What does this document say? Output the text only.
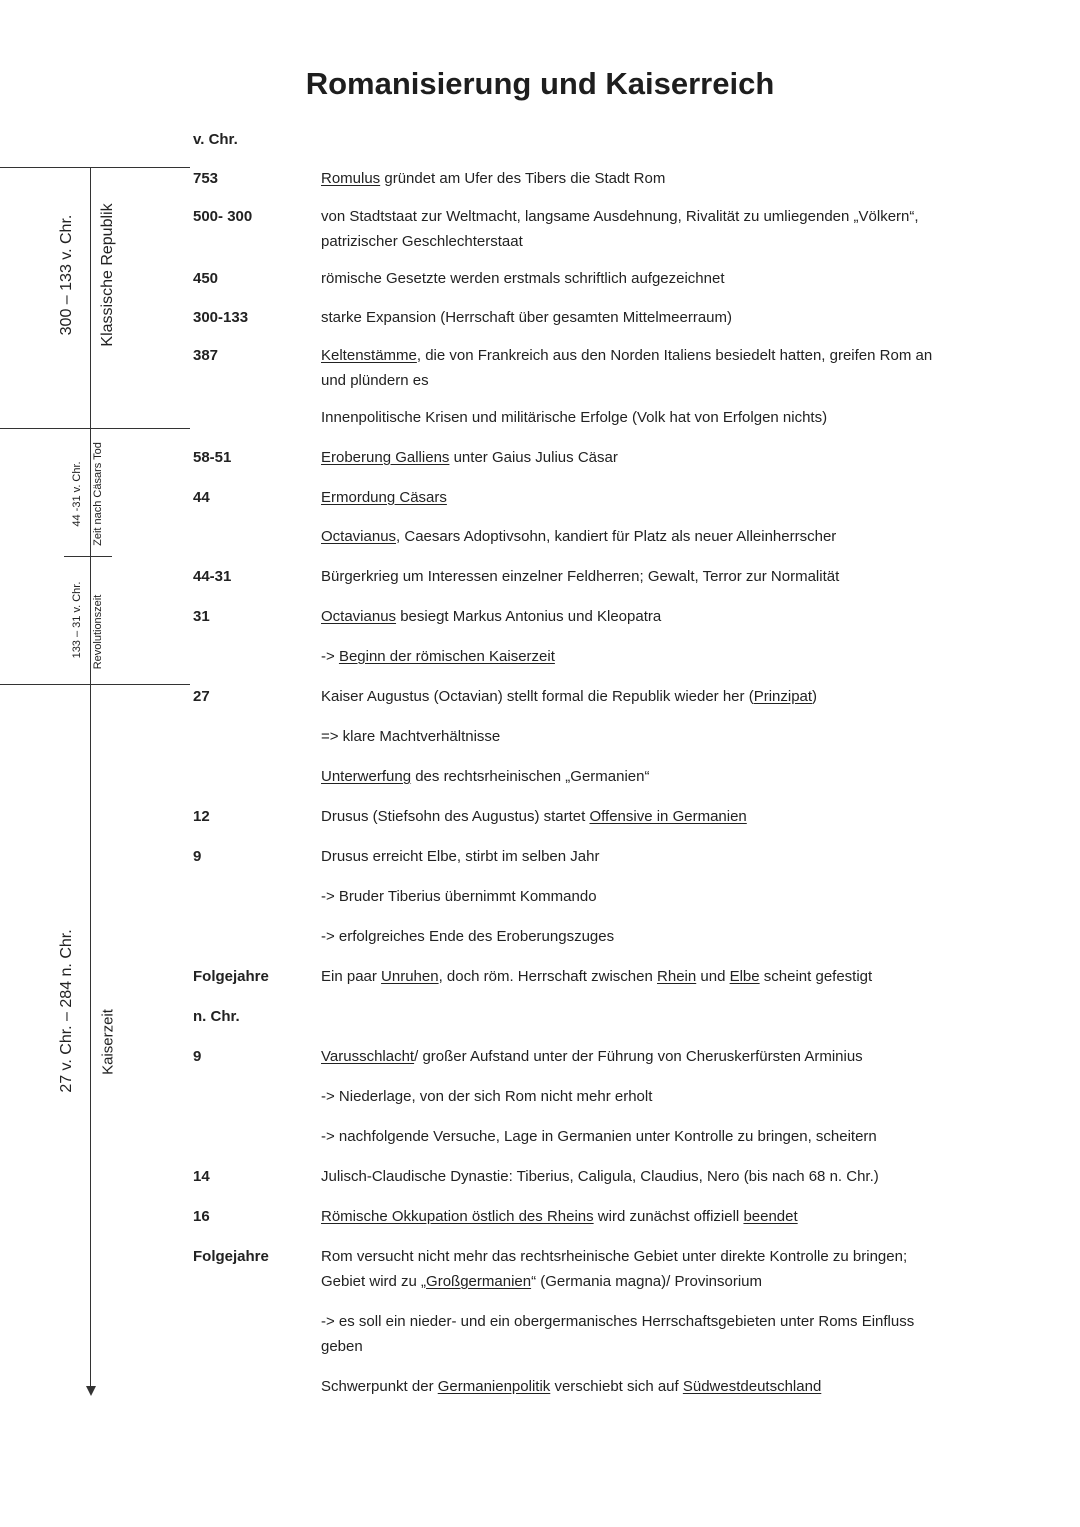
Romanisierung und Kaiserreich
v. Chr.
n. Chr.
300 – 133 v. Chr. Klassische Republik
44 -31 v. Chr. Zeit nach Cäsars Tod
133 – 31 v. Chr. Revolutionszeit
27 v. Chr. – 284 n. Chr. Kaiserzeit
753	Romulus gründet am Ufer des Tibers die Stadt Rom
500- 300	von Stadtstaat zur Weltmacht, langsame Ausdehnung, Rivalität zu umliegenden „Völkern“, patrizischer Geschlechterstaat
450	römische Gesetzte werden erstmals schriftlich aufgezeichnet
300-133	starke Expansion (Herrschaft über gesamten Mittelmeerraum)
387	Keltenstämme, die von Frankreich aus den Norden Italiens besiedelt hatten, greifen Rom an und plündern es
Innenpolitische Krisen und militärische Erfolge (Volk hat von Erfolgen nichts)
58-51	Eroberung Galliens unter Gaius Julius Cäsar
44	Ermordung Cäsars
Octavianus, Caesars Adoptivsohn, kandiert für Platz als neuer Alleinherrscher
44-31	Bürgerkrieg um Interessen einzelner Feldherren; Gewalt, Terror zur Normalität
31	Octavianus besiegt Markus Antonius und Kleopatra
-> Beginn der römischen Kaiserzeit
27	Kaiser Augustus (Octavian) stellt formal die Republik wieder her (Prinzipat)
=> klare Machtverhältnisse
Unterwerfung des rechtsrheinischen „Germanien“
12	Drusus (Stiefsohn des Augustus) startet Offensive in Germanien
9	Drusus erreicht Elbe, stirbt im selben Jahr
-> Bruder Tiberius übernimmt Kommando
-> erfolgreiches Ende des Eroberungszuges
Folgejahre	Ein paar Unruhen, doch röm. Herrschaft zwischen Rhein und Elbe scheint gefestigt
9	Varusschlacht/ großer Aufstand unter der Führung von Cheruskerfürsten Arminius
-> Niederlage, von der sich Rom nicht mehr erholt
-> nachfolgende Versuche, Lage in Germanien unter Kontrolle zu bringen, scheitern
14	Julisch-Claudische Dynastie: Tiberius, Caligula, Claudius, Nero (bis nach 68 n. Chr.)
16	Römische Okkupation östlich des Rheins wird zunächst offiziell beendet
Folgejahre	Rom versucht nicht mehr das rechtsrheinische Gebiet unter direkte Kontrolle zu bringen; Gebiet wird zu „Großgermanien“ (Germania magna)/ Provinsorium
-> es soll ein nieder- und ein obergermanisches Herrschaftsgebieten unter Roms Einfluss geben
Schwerpunkt der Germanienpolitik verschiebt sich auf Südwestdeutschland
